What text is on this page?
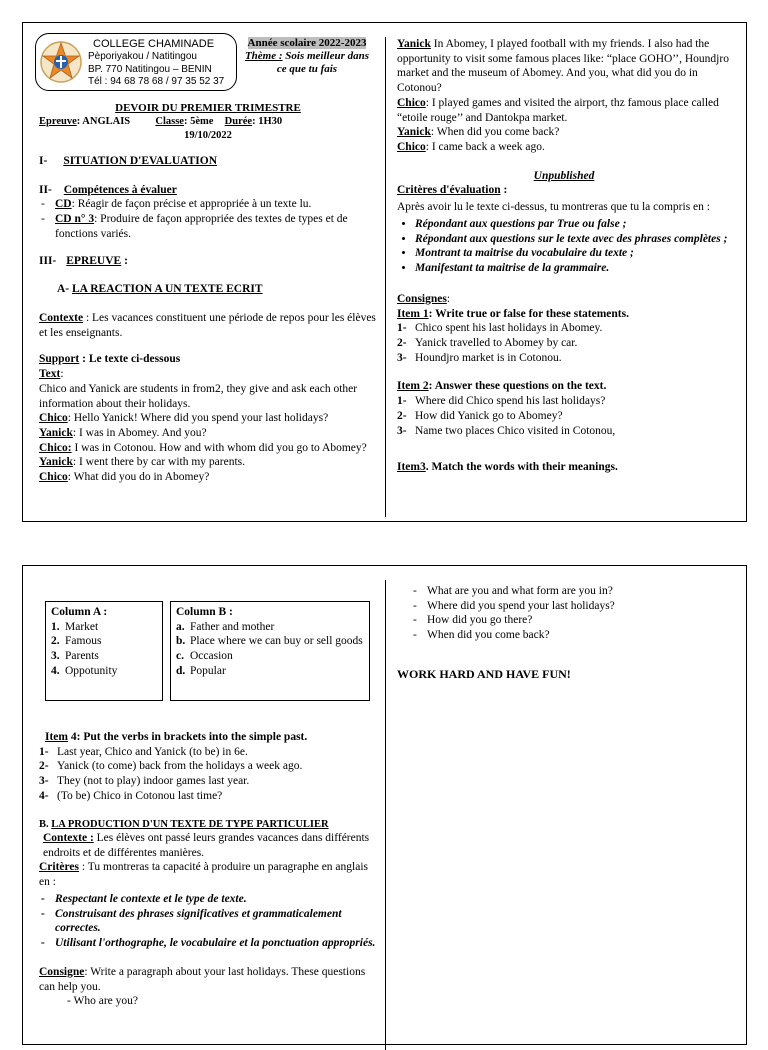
COLLEGE CHAMINADE
Pèporiyakou / Natitingou
BP. 770 Natitingou – BENIN
Tél : 94 68 78 68 / 97 35 52 37
Année scolaire 2022-2023
Thème : Sois meilleur dans ce que tu fais
DEVOIR DU PREMIER TRIMESTRE
Epreuve: ANGLAIS Classe: 5ème Durée: 1H30
19/10/2022
I- SITUATION D'EVALUATION
II- Compétences à évaluer
- CD: Réagir de façon précise et appropriée à un texte lu.
- CD n° 3: Produire de façon appropriée des textes de types et de fonctions variés.
III- EPREUVE :
A- LA REACTION A UN TEXTE ECRIT

Contexte : Les vacances constituent une période de repos pour les élèves et les enseignants.

Support : Le texte ci-dessous

Text:

Chico and Yanick are students in from2, they give and ask each other information about their holidays.

Chico: Hello Yanick! Where did you spend your last holidays?

Yanick: I was in Abomey. And you?

Chico: I was in Cotonou. How and with whom did you go to Abomey?

Yanick: I went there by car with my parents.

Chico: What did you do in Abomey?

Yanick In Abomey, I played football with my friends. I also had the opportunity to visit some famous places like: “place GOHO’’, Houndjro market and the museum of Abomey. And you, what did you do in Cotonou?

Chico: I played games and visited the airport, thz famous place called “etoile rouge’’ and Dantokpa market.

Yanick: When did you come back?

Chico: I came back a week ago.

Unpublished

Critères d'évaluation :

Après avoir lu le texte ci-dessus, tu montreras que tu la compris en :

• Répondant aux questions par True ou false ;
• Répondant aux questions sur le texte avec des phrases complètes ;
• Montrant ta maitrise du vocabulaire du texte ;
• Manifestant ta maitrise de la grammaire.

Consignes:

Item 1: Write true or false for these statements.

1- Chico spent his last holidays in Abomey.
2- Yanick travelled to Abomey by car.
3- Houndjro market is in Cotonou.

Item 2: Answer these questions on the text.

1- Where did Chico spend his last holidays?
2- How did Yanick go to Abomey?
3- Name two places Chico visited in Cotonou,

Item3. Match the words with their meanings.

Column A :
1. Market
2. Famous
3. Parents
4. Oppotunity
Column B :
a. Father and mother
b. Place where we can buy or sell goods
c. Occasion
d. Popular

Item 4: Put the verbs in brackets into the simple past.

1- Last year, Chico and Yanick (to be) in 6e.
2- Yanick (to come) back from the holidays a week ago.
3- They (not to play) indoor games last year.
4- (To be) Chico in Cotonou last time?

B. LA PRODUCTION D'UN TEXTE DE TYPE PARTICULIER

Contexte : Les élèves ont passé leurs grandes vacances dans différents endroits et de différentes manières.

Critères : Tu montreras ta capacité à produire un paragraphe en anglais en :

- Respectant le contexte et le type de texte.
- Construisant des phrases significatives et grammaticalement correctes.
- Utilisant l'orthographe, le vocabulaire et la ponctuation appropriés.

Consigne: Write a paragraph about your last holidays. These questions can help you.

- Who are you?

- What are you and what form are you in?
- Where did you spend your last holidays?
- How did you go there?
- When did you come back?

WORK HARD AND HAVE FUN!
